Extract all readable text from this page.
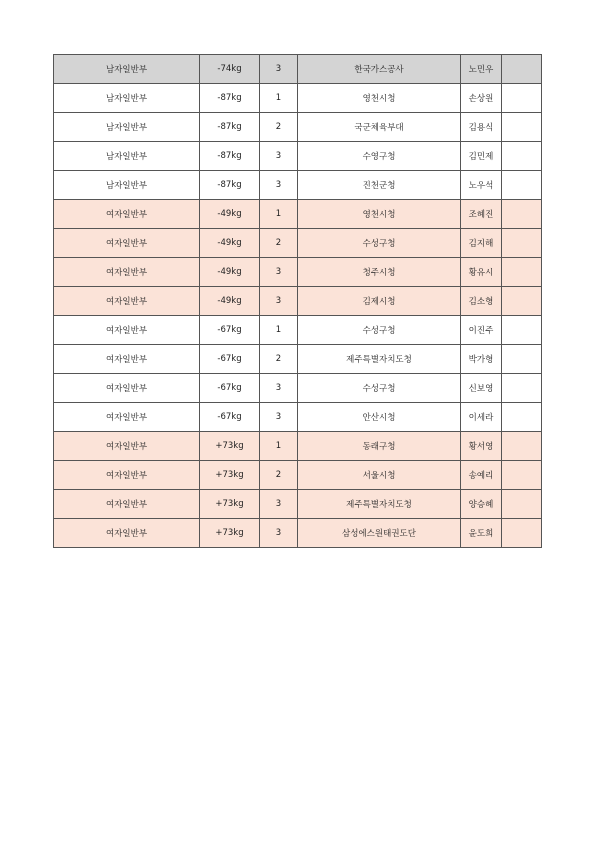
남자일반부	-74kg	3	한국가스공사	노민우	
남자일반부	-87kg	1	영천시청	손상원	
남자일반부	-87kg	2	국군체육부대	김용식	
남자일반부	-87kg	3	수영구청	김민제	
남자일반부	-87kg	3	진천군청	노우석	
여자일반부	-49kg	1	영천시청	조혜진	
여자일반부	-49kg	2	수성구청	김지해	
여자일반부	-49kg	3	청주시청	황유시	
여자일반부	-49kg	3	김제시청	김소형	
여자일반부	-67kg	1	수성구청	이진주	
여자일반부	-67kg	2	제주특별자치도청	박가형	
여자일반부	-67kg	3	수성구청	신보영	
여자일반부	-67kg	3	안산시청	이세라	
여자일반부	+73kg	1	동래구청	황서영	
여자일반부	+73kg	2	서울시청	송예리	
여자일반부	+73kg	3	제주특별자치도청	양승혜	
여자일반부	+73kg	3	삼성에스원태권도단	윤도희	
